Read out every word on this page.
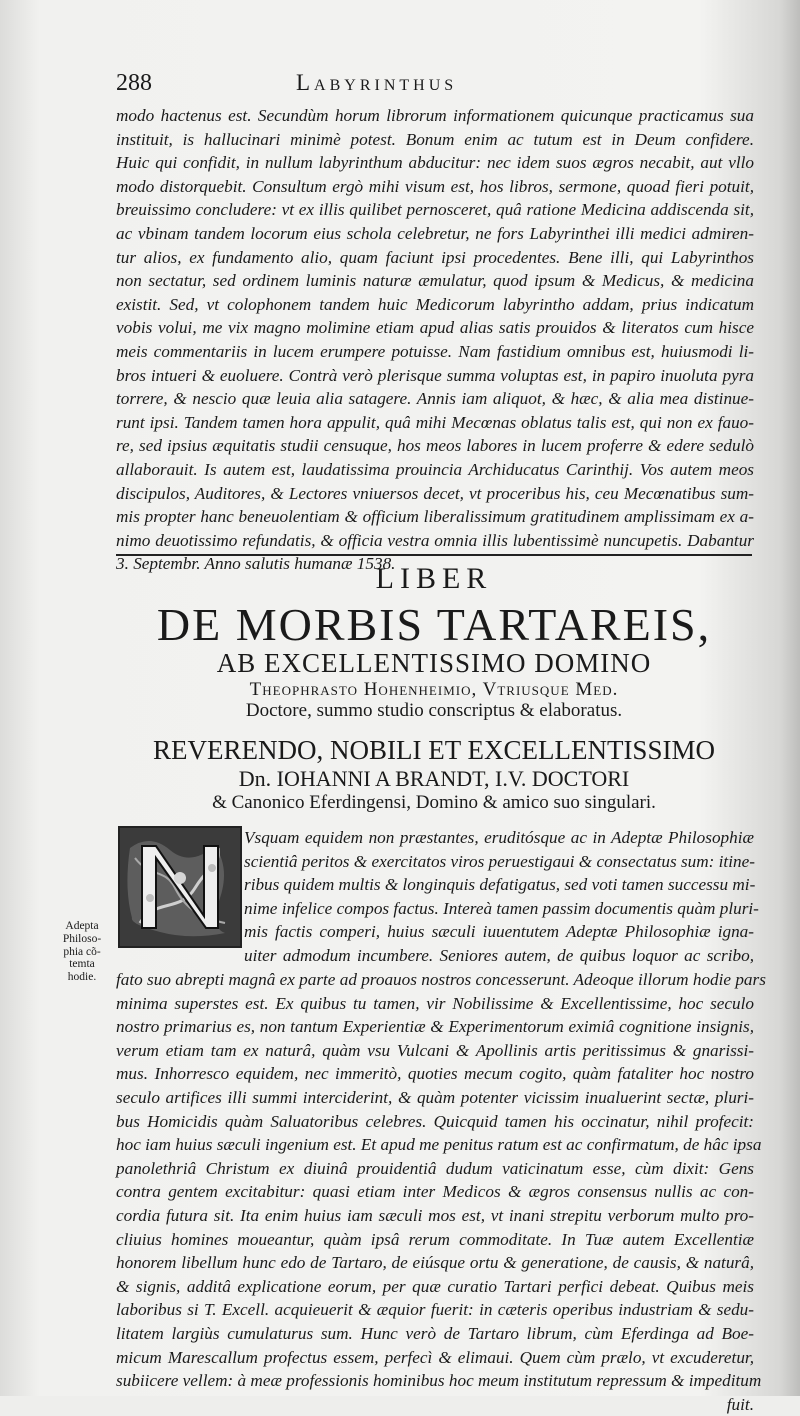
288	Labyrinthus
modo hactenus est. Secundùm horum librorum informationem quicunque practicamus sua
instituit, is hallucinari minimè potest. Bonum enim ac tutum est in Deum confidere.
Huic qui confidit, in nullum labyrinthum abducitur: nec idem suos ægros necabit, aut vllo
modo distorquebit. Consultum ergò mihi visum est, hos libros, sermone, quoad fieri potuit,
breuissimo concludere: vt ex illis quilibet pernosceret, quâ ratione Medicina addiscenda sit,
ac vbinam tandem locorum eius schola celebretur, ne fors Labyrinthei illi medici admiren-
tur alios, ex fundamento alio, quam faciunt ipsi procedentes. Bene illi, qui Labyrinthos
non sectatur, sed ordinem luminis naturæ æmulatur, quod ipsum & Medicus, & medicina
existit. Sed, vt colophonem tandem huic Medicorum labyrintho addam, prius indicatum
vobis volui, me vix magno molimine etiam apud alias satis prouidos & literatos cum hisce
meis commentariis in lucem erumpere potuisse. Nam fastidium omnibus est, huiusmodi li-
bros intueri & euoluere. Contrà verò plerisque summa voluptas est, in papiro inuoluta pyra
torrere, & nescio quæ leuia alia satagere. Annis iam aliquot, & hæc, & alia mea distinue-
runt ipsi. Tandem tamen hora appulit, quâ mihi Mecœnas oblatus talis est, qui non ex fauo-
re, sed ipsius æquitatis studii censuque, hos meos labores in lucem proferre & edere sedulò
allaborauit. Is autem est, laudatissima prouincia Archiducatus Carinthij. Vos autem meos
discipulos, Auditores, & Lectores vniuersos decet, vt proceribus his, ceu Mecœnatibus sum-
mis propter hanc beneuolentiam & officium liberalissimum gratitudinem amplissimam ex a-
nimo deuotissimo refundatis, & officia vestra omnia illis lubentissimè nuncupetis. Dabantur
3. Septembr. Anno salutis humanæ 1538.
LIBER
DE MORBIS TARTAREIS,
AB EXCELLENTISSIMO DOMINO
Theophrasto Hohenheimio, Vtriusque Med.
Doctore, summo studio conscriptus & elaboratus.
REVERENDO, NOBILI ET EXCELLENTISSIMO
Dn. IOHANNI A BRANDT, I.V. DOCTORI
& Canonico Eferdingensi, Domino & amico suo singulari.
Adepta
Philoso-
phia cõ-
temta
hodie.
Vsquam equidem non præstantes, eruditósque ac in Adeptæ Philosophiæ
scientiâ peritos & exercitatos viros peruestigaui & consectatus sum: itine-
ribus quidem multis & longinquis defatigatus, sed voti tamen successu mi-
nime infelice compos factus. Intereà tamen passim documentis quàm pluri-
mis factis comperi, huius sæculi iuuentutem Adeptæ Philosophiæ igna-
uiter admodum incumbere. Seniores autem, de quibus loquor ac scribo,
fato suo abrepti magnâ ex parte ad proauos nostros concesserunt. Adeoque illorum hodie pars
minima superstes est. Ex quibus tu tamen, vir Nobilissime & Excellentissime, hoc seculo
nostro primarius es, non tantum Experientiæ & Experimentorum eximiâ cognitione insignis,
verum etiam tam ex naturâ, quàm vsu Vulcani & Apollinis artis peritissimus & gnarissi-
mus. Inhorresco equidem, nec immeritò, quoties mecum cogito, quàm fataliter hoc nostro
seculo artifices illi summi interciderint, & quàm potenter vicissim inualuerint sectæ, pluri-
bus Homicidis quàm Saluatoribus celebres. Quicquid tamen his occinatur, nihil profecit:
hoc iam huius sæculi ingenium est. Et apud me penitus ratum est ac confirmatum, de hâc ipsa
panolethriâ Christum ex diuinâ prouidentiâ dudum vaticinatum esse, cùm dixit: Gens
contra gentem excitabitur: quasi etiam inter Medicos & ægros consensus nullis ac con-
cordia futura sit. Ita enim huius iam sæculi mos est, vt inani strepitu verborum multo pro-
cliuius homines moueantur, quàm ipsâ rerum commoditate. In Tuæ autem Excellentiæ
honorem libellum hunc edo de Tartaro, de eiúsque ortu & generatione, de causis, & naturâ,
& signis, additâ explicatione eorum, per quæ curatio Tartari perfici debeat. Quibus meis
laboribus si T. Excell. acquieuerit & æquior fuerit: in cæteris operibus industriam & sedu-
litatem largiùs cumulaturus sum. Hunc verò de Tartaro librum, cùm Eferdinga ad Boe-
micum Marescallum profectus essem, perfecì & elimaui. Quem cùm prælo, vt excuderetur,
subiicere vellem: à meæ professionis hominibus hoc meum institutum repressum & impeditum
fuit.
